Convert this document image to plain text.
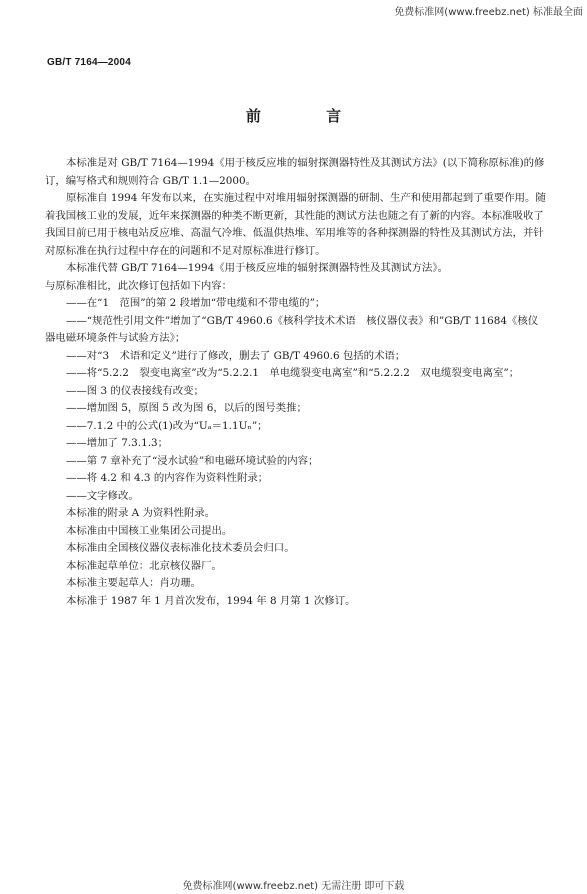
免费标准网(www.freebz.net) 标准最全面
GB/T 7164—2004
前 言

本标准是对 GB/T 7164—1994《用于核反应堆的辐射探测器特性及其测试方法》(以下简称原标准)的修订，编写格式和规则符合 GB/T 1.1—2000。

原标准自 1994 年发布以来，在实施过程中对堆用辐射探测器的研制、生产和使用都起到了重要作用。随着我国核工业的发展，近年来探测器的种类不断更新，其性能的测试方法也随之有了新的内容。本标准吸收了我国目前已用于核电站反应堆、高温气冷堆、低温供热堆、军用堆等的各种探测器的特性及其测试方法，并针对原标准在执行过程中存在的问题和不足对原标准进行修订。

本标准代替 GB/T 7164—1994《用于核反应堆的辐射探测器特性及其测试方法》。

与原标准相比，此次修订包括如下内容：

——在“1　范围”的第 2 段增加“带电缆和不带电缆的”；

——“规范性引用文件”增加了“GB/T 4960.6《核科学技术术语　核仪器仪表》和”GB/T 11684《核仪器电磁环境条件与试验方法》；

——对“3　术语和定义”进行了修改，删去了 GB/T 4960.6 包括的术语；

——将“5.2.2　裂变电离室”改为“5.2.2.1　单电缆裂变电离室”和“5.2.2.2　双电缆裂变电离室”；

——图 3 的仪表接线有改变；

——增加图 5，原图 5 改为图 6，以后的图号类推；

——7.1.2 中的公式(1)改为“Uₐ＝1.1Uₙ”；

——增加了 7.3.1.3；

——第 7 章补充了“浸水试验”和电磁环境试验的内容；

——将 4.2 和 4.3 的内容作为资料性附录；

——文字修改。

本标准的附录 A 为资料性附录。

本标准由中国核工业集团公司提出。

本标准由全国核仪器仪表标准化技术委员会归口。

本标准起草单位：北京核仪器厂。

本标准主要起草人：肖功珊。

本标准于 1987 年 1 月首次发布，1994 年 8 月第 1 次修订。

免费标准网(www.freebz.net) 无需注册 即可下载
